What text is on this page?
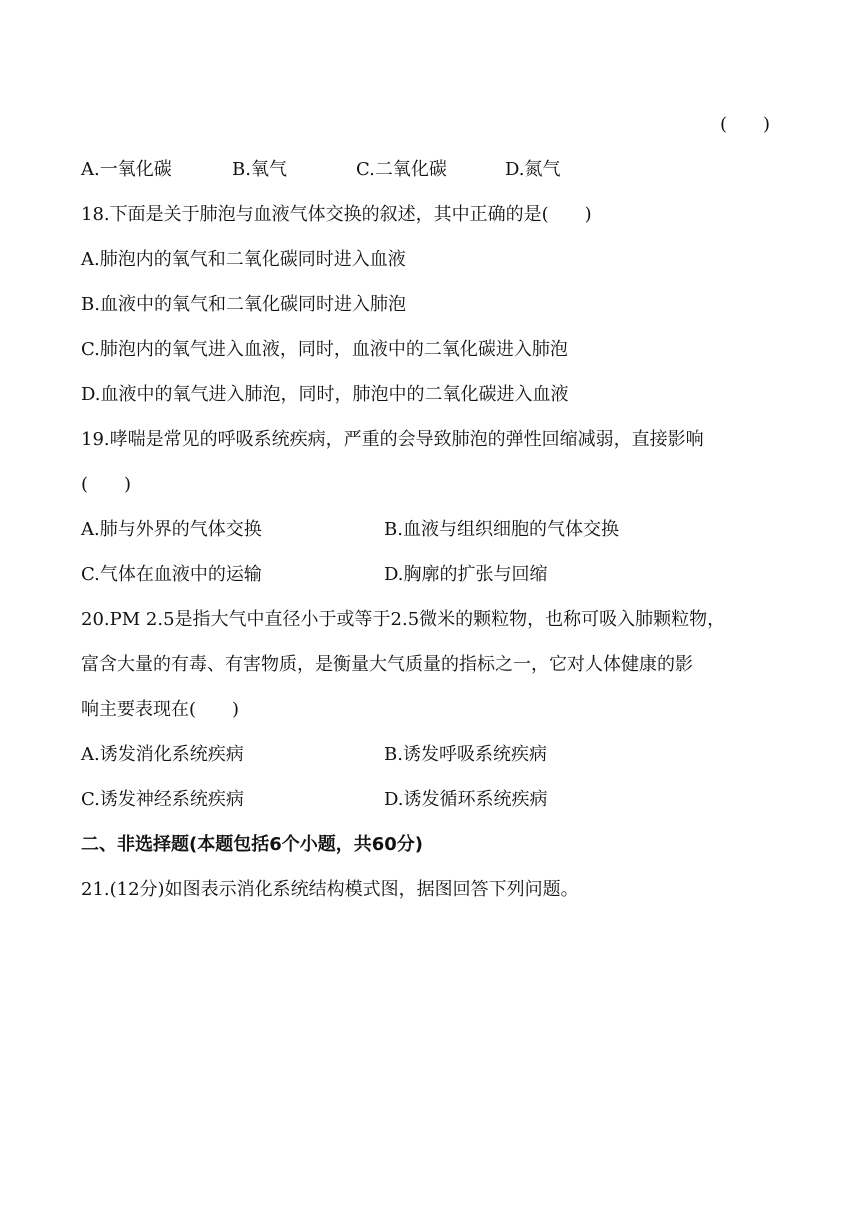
(　　)
A.一氧化碳	B.氧气	C.二氧化碳	D.氮气
18.下面是关于肺泡与血液气体交换的叙述，其中正确的是(　　)
A.肺泡内的氧气和二氧化碳同时进入血液
B.血液中的氧气和二氧化碳同时进入肺泡
C.肺泡内的氧气进入血液，同时，血液中的二氧化碳进入肺泡
D.血液中的氧气进入肺泡，同时，肺泡中的二氧化碳进入血液
19.哮喘是常见的呼吸系统疾病，严重的会导致肺泡的弹性回缩减弱，直接影响
(　　)
A.肺与外界的气体交换	B.血液与组织细胞的气体交换
C.气体在血液中的运输	D.胸廓的扩张与回缩
20.PM 2.5是指大气中直径小于或等于2.5微米的颗粒物，也称可吸入肺颗粒物，
富含大量的有毒、有害物质，是衡量大气质量的指标之一，它对人体健康的影
响主要表现在(　　)
A.诱发消化系统疾病	B.诱发呼吸系统疾病
C.诱发神经系统疾病	D.诱发循环系统疾病
二、非选择题(本题包括6个小题，共60分)
21.(12分)如图表示消化系统结构模式图，据图回答下列问题。
